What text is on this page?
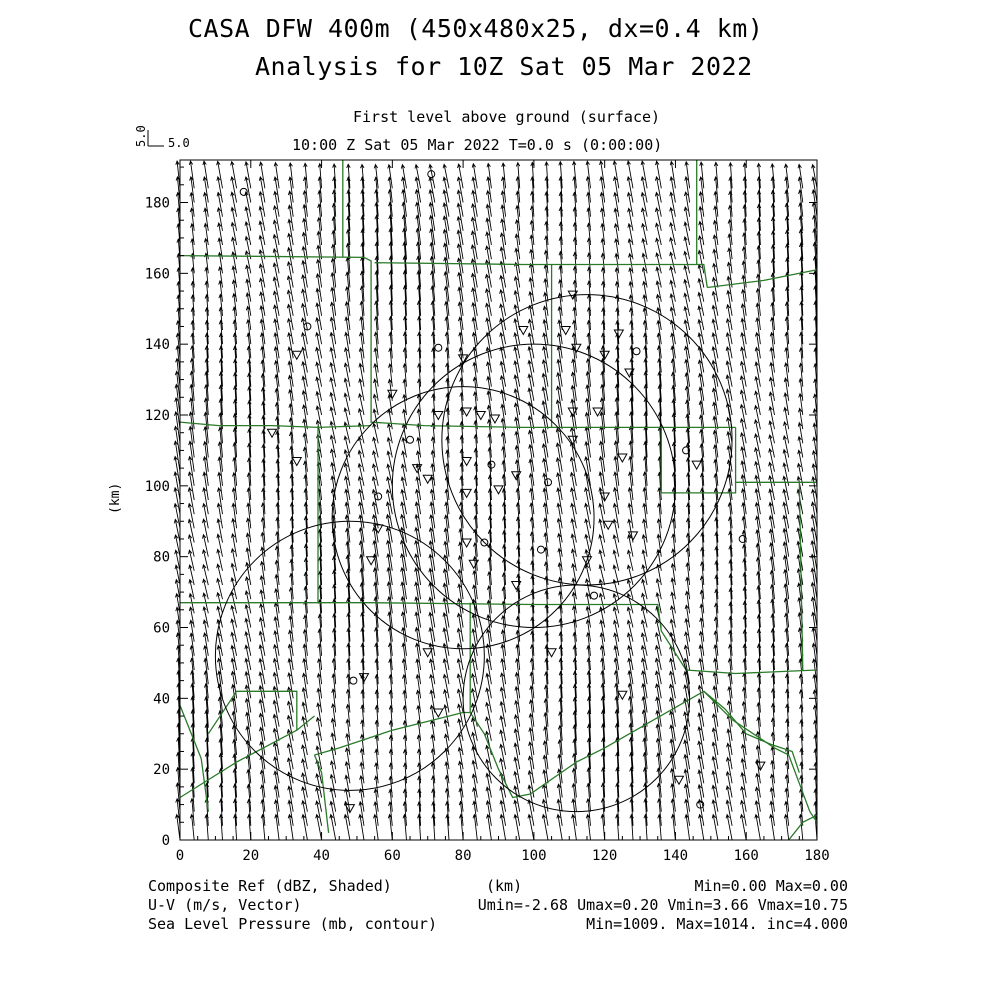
CASA DFW 400m (450x480x25, dx=0.4 km)
Analysis for 10Z Sat 05 Mar 2022
First level above ground (surface)
10:00 Z Sat 05 Mar 2022 T=0.0 s (0:00:00)
5.0 5.0
0	20	40	60	80	100	120	140	160	180
0
20
40
60
80
100
120
140
160
180
(km)
Composite Ref (dBZ, Shaded)	(km)	Min=0.00 Max=0.00
U-V (m/s, Vector)	Umin=-2.68 Umax=0.20 Vmin=3.66 Vmax=10.75
Sea Level Pressure (mb, contour)	Min=1009. Max=1014. inc=4.000
